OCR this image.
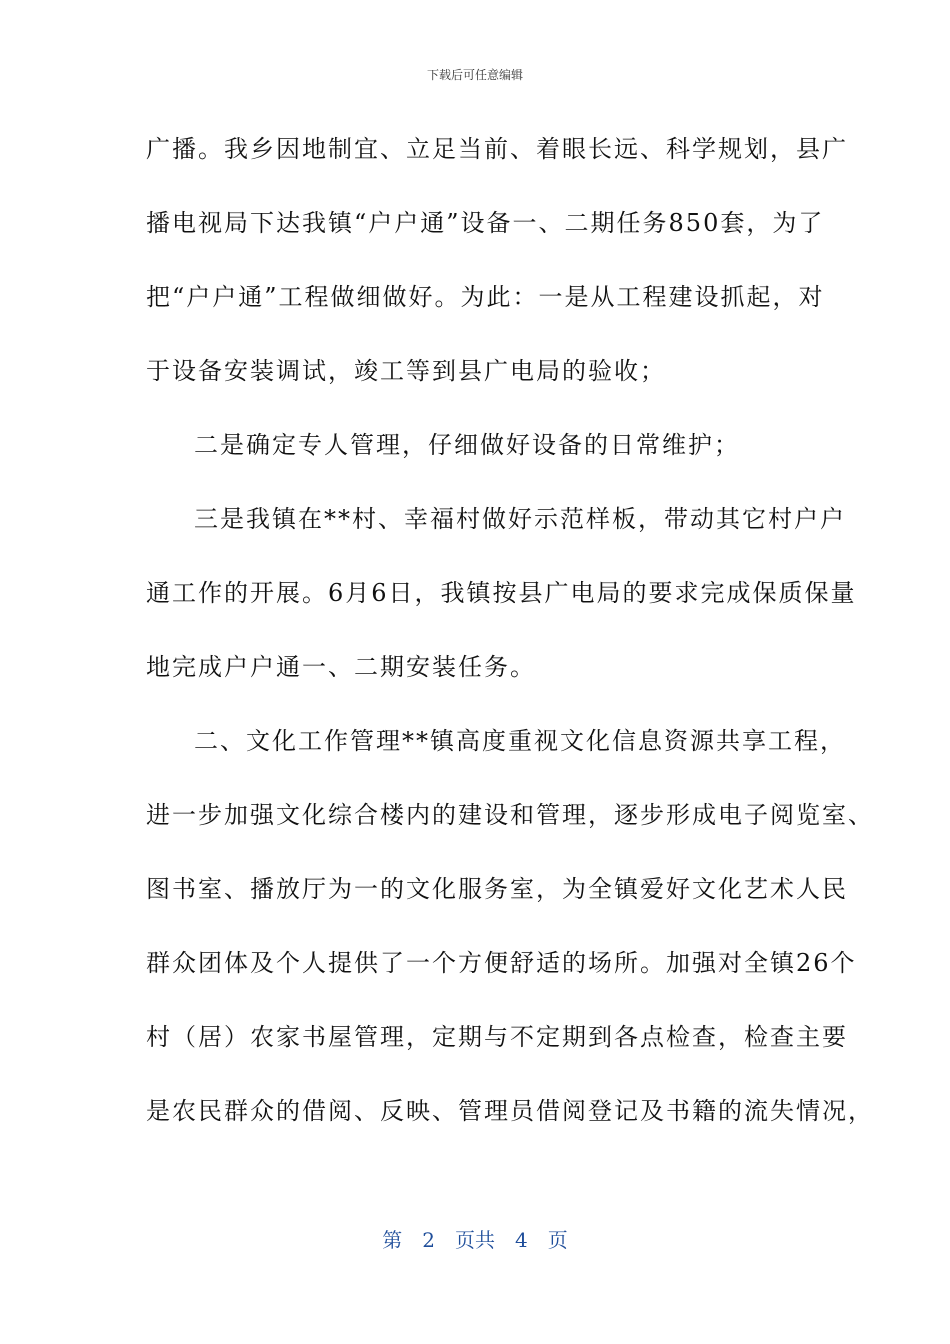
下载后可任意编辑
广播。我乡因地制宜、立足当前、着眼长远、科学规划，县广
播电视局下达我镇“户户通”设备一、二期任务850套，为了
把“户户通”工程做细做好。为此：一是从工程建设抓起，对
于设备安装调试，竣工等到县广电局的验收；
二是确定专人管理，仔细做好设备的日常维护；
三是我镇在**村、幸福村做好示范样板，带动其它村户户
通工作的开展。6月6日，我镇按县广电局的要求完成保质保量
地完成户户通一、二期安装任务。
二、文化工作管理**镇高度重视文化信息资源共享工程，
进一步加强文化综合楼内的建设和管理，逐步形成电子阅览室、
图书室、播放厅为一的文化服务室，为全镇爱好文化艺术人民
群众团体及个人提供了一个方便舒适的场所。加强对全镇26个
村（居）农家书屋管理，定期与不定期到各点检查，检查主要
是农民群众的借阅、反映、管理员借阅登记及书籍的流失情况，
第 2 页共 4 页
